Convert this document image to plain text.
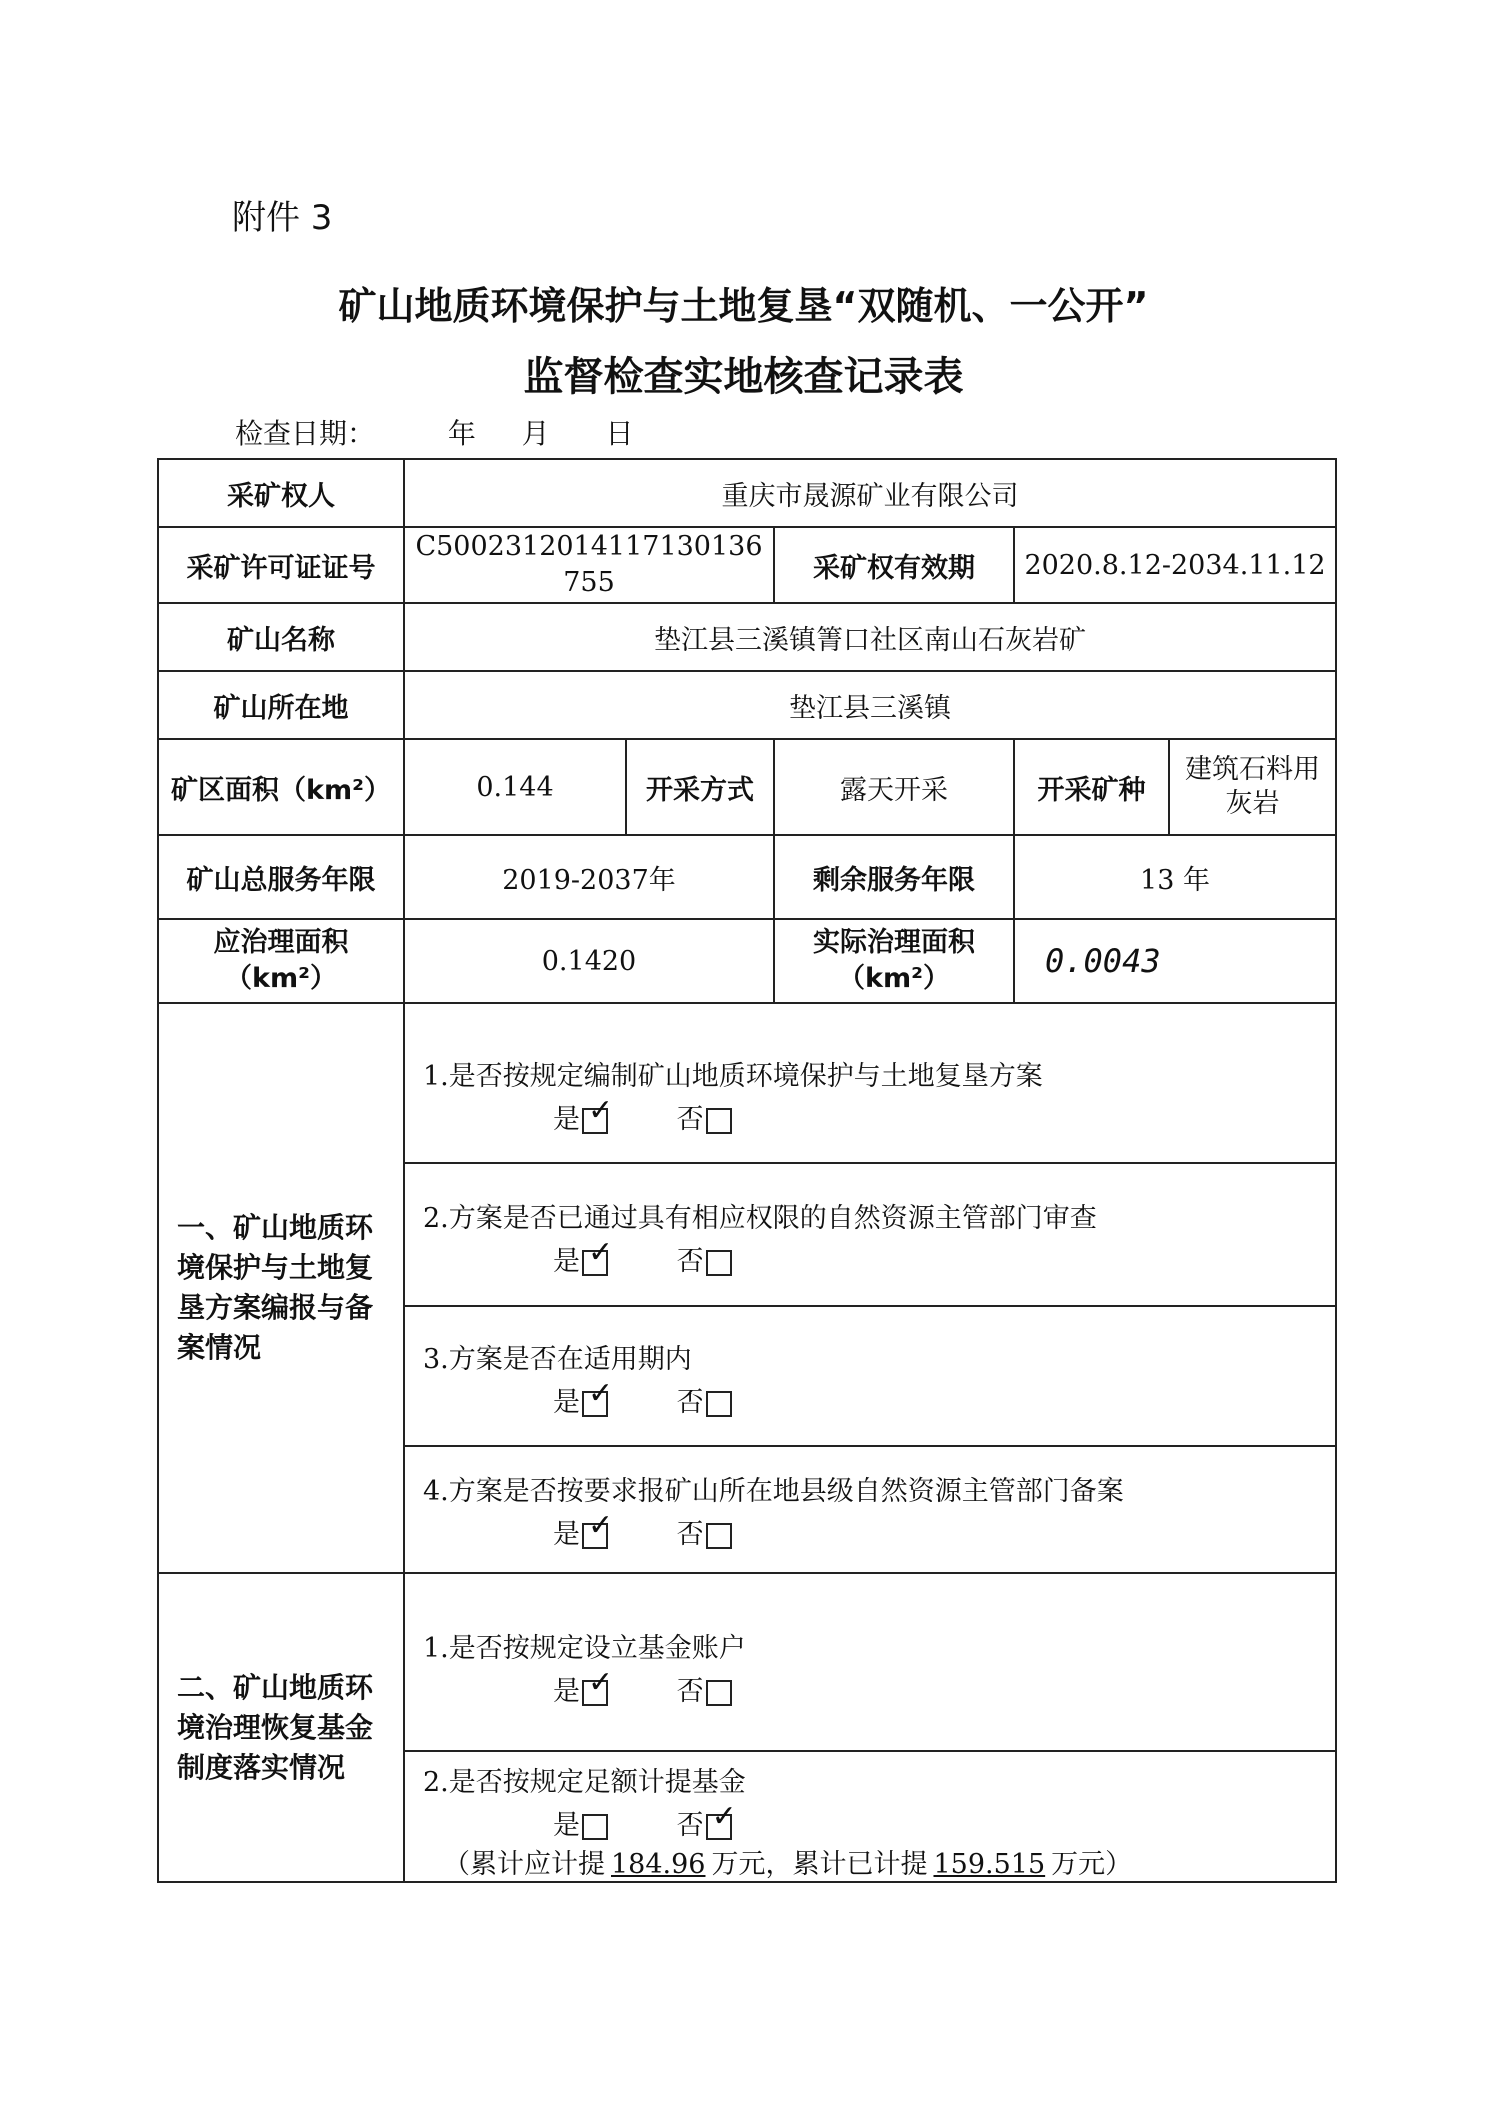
附件 3
矿山地质环境保护与土地复垦“双随机、一公开”
监督检查实地核查记录表
检查日期：	年 月 日
采矿权人	重庆市晟源矿业有限公司				
采矿许可证证号	C5002312014117130136755		采矿权有效期	2020.8.12-2034.11.12	
矿山名称	垫江县三溪镇箐口社区南山石灰岩矿				
矿山所在地	垫江县三溪镇				
矿区面积（km²）	0.144	开采方式	露天开采	开采矿种	建筑石料用灰岩
矿山总服务年限	2019-2037年		剩余服务年限	13 年	
应治理面积（km²）	0.1420		实际治理面积（km²）	0.0043	
一、矿山地质环境保护与土地复垦方案编报与备案情况	1.是否按规定编制矿山地质环境保护与土地复垦方案
是 ✓ 否				

	2.方案是否已通过具有相应权限的自然资源主管部门审查
是 ✓ 否				

	3.方案是否在适用期内
是 ✓ 否				

	4.方案是否按要求报矿山所在地县级自然资源主管部门备案
是 ✓ 否				

二、矿山地质环境治理恢复基金制度落实情况	1.是否按规定设立基金账户
是 ✓ 否				

	2.是否按规定足额计提基金
是 否 ✓
（累计应计提 184.96 万元，累计已计提 159.515 万元）				
